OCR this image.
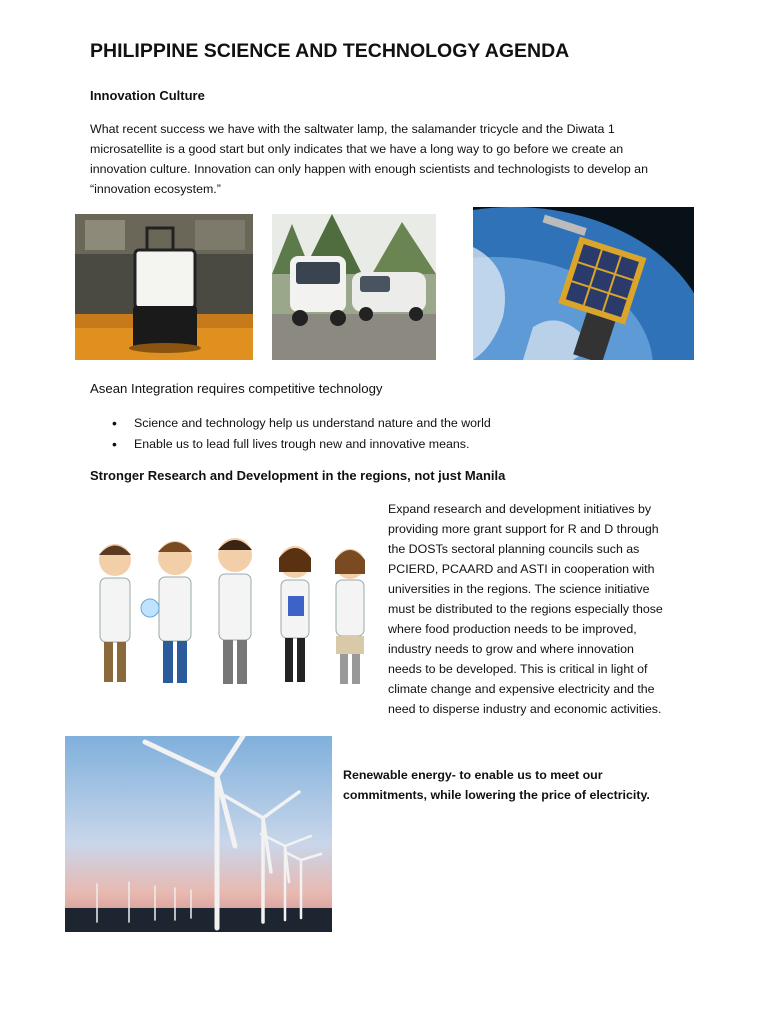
PHILIPPINE SCIENCE AND TECHNOLOGY AGENDA
Innovation Culture
What recent success we have with the saltwater lamp, the salamander tricycle and the Diwata 1
microsatellite is a good start but only indicates that we have a long way to go before we create an
innovation culture. Innovation can only happen with enough scientists and technologists to develop an
“innovation ecosystem.”
Asean Integration requires competitive technology
• Science and technology help us understand nature and the world
• Enable us to lead full lives trough new and innovative means.
Stronger Research and Development in the regions, not just Manila
Expand research and development initiatives by
providing more grant support for R and D through
the DOSTs sectoral planning councils such as
PCIERD, PCAARD and ASTI in cooperation with
universities in the regions. The science initiative
must be distributed to the regions especially those
where food production needs to be improved,
industry needs to grow and where innovation
needs to be developed. This is critical in light of
climate change and expensive electricity and the
need to disperse industry and economic activities.
Renewable energy- to enable us to meet our
commitments, while lowering the price of electricity.
